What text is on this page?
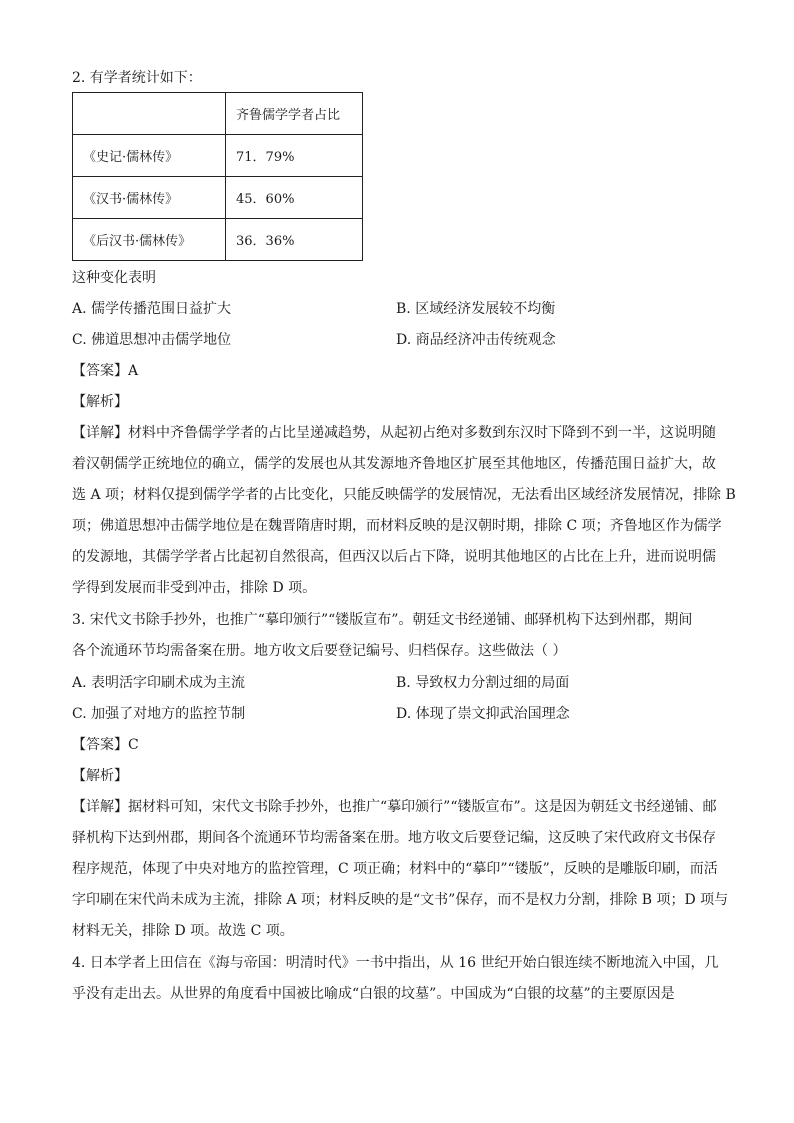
2. 有学者统计如下：
	齐鲁儒学学者占比
《史记·儒林传》	71．79%
《汉书·儒林传》	45．60%
《后汉书·儒林传》	36．36%
这种变化表明
A. 儒学传播范围日益扩大	B. 区域经济发展较不均衡
C. 佛道思想冲击儒学地位	D. 商品经济冲击传统观念
【答案】A
【解析】
【详解】材料中齐鲁儒学学者的占比呈递减趋势，从起初占绝对多数到东汉时下降到不到一半，这说明随
着汉朝儒学正统地位的确立，儒学的发展也从其发源地齐鲁地区扩展至其他地区，传播范围日益扩大，故
选 A 项；材料仅提到儒学学者的占比变化，只能反映儒学的发展情况，无法看出区域经济发展情况，排除 B
项；佛道思想冲击儒学地位是在魏晋隋唐时期，而材料反映的是汉朝时期，排除 C 项；齐鲁地区作为儒学
的发源地，其儒学学者占比起初自然很高，但西汉以后占下降，说明其他地区的占比在上升，进而说明儒
学得到发展而非受到冲击，排除 D 项。
3. 宋代文书除手抄外，也推广“摹印颁行”“镂版宣布”。朝廷文书经递铺、邮驿机构下达到州郡，期间
各个流通环节均需备案在册。地方收文后要登记编号、归档保存。这些做法（ ）
A. 表明活字印刷术成为主流	B. 导致权力分割过细的局面
C. 加强了对地方的监控节制	D. 体现了崇文抑武治国理念
【答案】C
【解析】
【详解】据材料可知，宋代文书除手抄外，也推广“摹印颁行”“镂版宣布”。这是因为朝廷文书经递铺、邮
驿机构下达到州郡，期间各个流通环节均需备案在册。地方收文后要登记编，这反映了宋代政府文书保存
程序规范，体现了中央对地方的监控管理，C 项正确；材料中的“摹印”“镂版”，反映的是雕版印刷，而活
字印刷在宋代尚未成为主流，排除 A 项；材料反映的是“文书”保存，而不是权力分割，排除 B 项；D 项与
材料无关，排除 D 项。故选 C 项。
4. 日本学者上田信在《海与帝国：明清时代》一书中指出，从 16 世纪开始白银连续不断地流入中国，几
乎没有走出去。从世界的角度看中国被比喻成“白银的坟墓”。中国成为“白银的坟墓”的主要原因是
